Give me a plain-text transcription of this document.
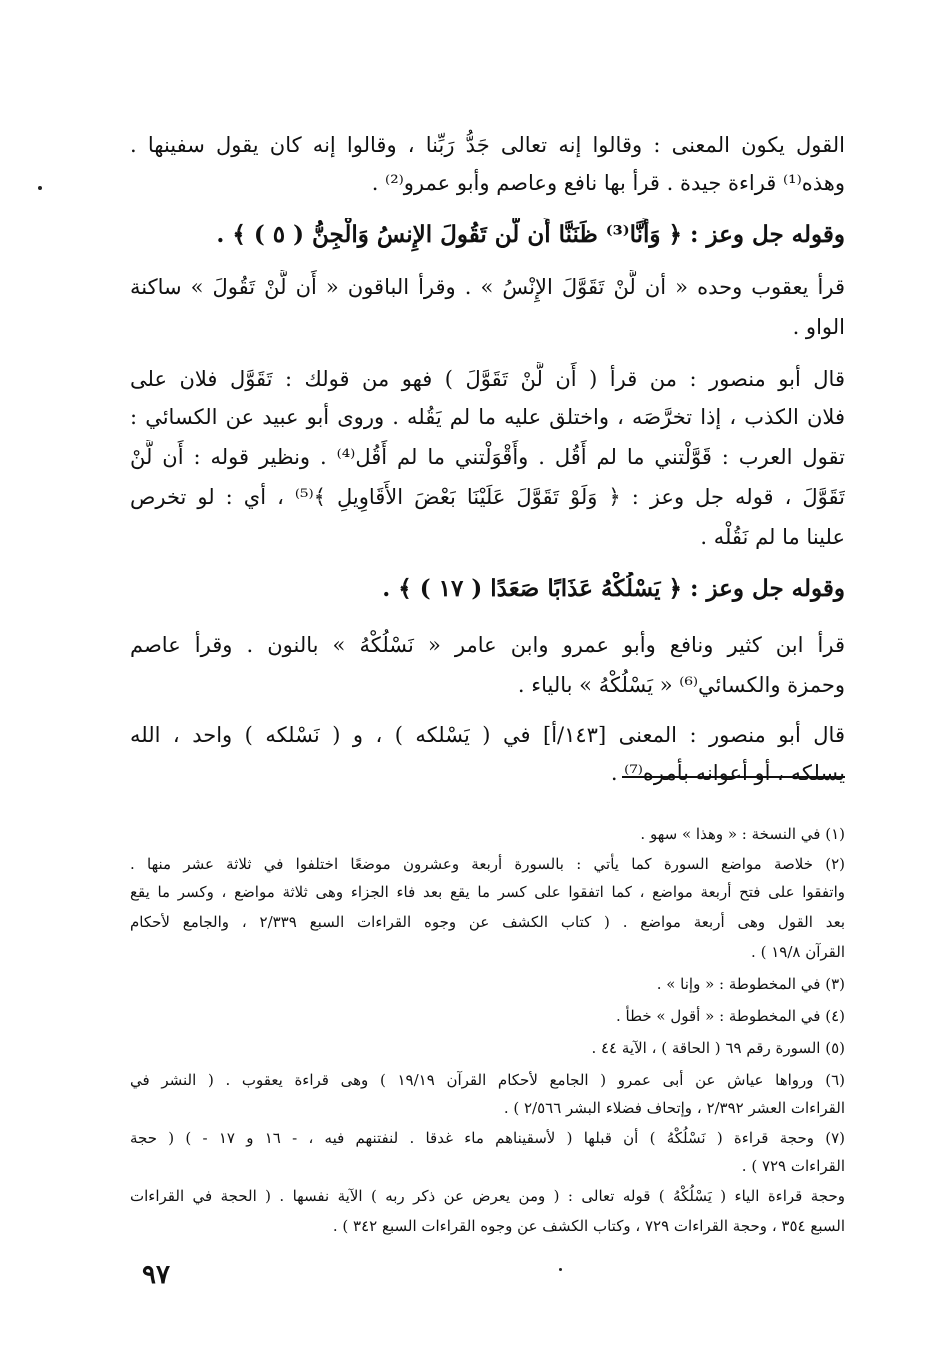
القول يكون المعنى : وقالوا إنه تعالى جَدُّ رَبِّنا ، وقالوا إنه كان يقول سفينها .
وهذه⁽¹⁾ قراءة جيدة . قرأ بها نافع وعاصم وأبو عمرو⁽²⁾ .
وقوله جل وعز : ﴿ وَأَنَّا⁽³⁾ ظَنَنَّا أَن لَّن تَقُولَ الإِنسُ وَالْجِنُّ ( ٥ ) ﴾ .
قرأ يعقوب وحده « أن لَّنْ تَقَوَّلَ الإِنْسُ » . وقرأ الباقون « أَن لَّنْ تَقُولَ » ساكنة
الواو .
قال أبو منصور : من قرأ ( أَن لَّنْ تَقَوَّلَ ) فهو من قولك : تَقَوَّل فلان على
فلان الكذب ، إذا تخرَّصَه ، واختلق عليه ما لم يَقُله . وروى أبو عبيد عن الكسائي :
تقول العرب : قَوَّلْتني ما لم أَقُل . وأَقْوَلْتني ما لم أَقُل⁽⁴⁾ . ونظير قوله : أَن لَّنْ
تَقَوَّلَ ، قوله جل وعز : ﴿ وَلَوْ تَقَوَّلَ عَلَيْنَا بَعْضَ الأَقَاوِيلِ ﴾⁽⁵⁾ ، أي : لو تخرص
علينا ما لم نَقُلْه .
وقوله جل وعز : ﴿ يَسْلُكْهُ عَذَابًا صَعَدًا ( ١٧ ) ﴾ .
قرأ ابن كثير ونافع وأبو عمرو وابن عامر « نَسْلُكْهُ » بالنون . وقرأ عاصم
وحمزة والكسائي⁽⁶⁾ « يَسْلُكْهُ » بالياء .
قال أبو منصور : المعنى [١٤٣/أ] في ( يَسْلكه ) ، و ( نَسْلكه ) واحد ، الله
يسلكه ، أو أعوانه بأمره⁽⁷⁾ .
(١) في النسخة : « وهذا » سهو .
(٢) خلاصة مواضع السورة كما يأتي : بالسورة أربعة وعشرون موضعًا اختلفوا في ثلاثة عشر منها .
واتفقوا على فتح أربعة مواضع ، كما اتفقوا على كسر ما يقع بعد فاء الجزاء وهى ثلاثة مواضع ، وكسر ما يقع
بعد القول وهى أربعة مواضع . ( كتاب الكشف عن وجوه القراءات السبع ٢/٣٣٩ ، والجامع لأحكام
القرآن ١٩/٨ ) .
(٣) في المخطوطة : « وإنا » .
(٤) في المخطوطة : « أقول » خطأ .
(٥) السورة رقم ٦٩ ( الحاقة ) ، الآية ٤٤ .
(٦) ورواها عياش عن أبى عمرو ( الجامع لأحكام القرآن ١٩/١٩ ) وهى قراءة يعقوب . ( النشر في
القراءات العشر ٢/٣٩٢ ، وإتحاف فضلاء البشر ٢/٥٦٦ ) .
(٧) وحجة قراءة ( نَسْلُكْهُ ) أن قبلها ( لأسقيناهم ماء غدقا . لنفتنهم فيه ، - ١٦ و ١٧ - ) ( حجة
القراءات ٧٢٩ ) .
وحجة قراءة الياء ( يَسْلُكْهُ ) قوله تعالى : ( ومن يعرض عن ذكر ربه ) الآية نفسها . ( الحجة في القراءات
السبع ٣٥٤ ، وحجة القراءات ٧٢٩ ، وكتاب الكشف عن وجوه القراءات السبع ٣٤٢ ) .
٩٧
